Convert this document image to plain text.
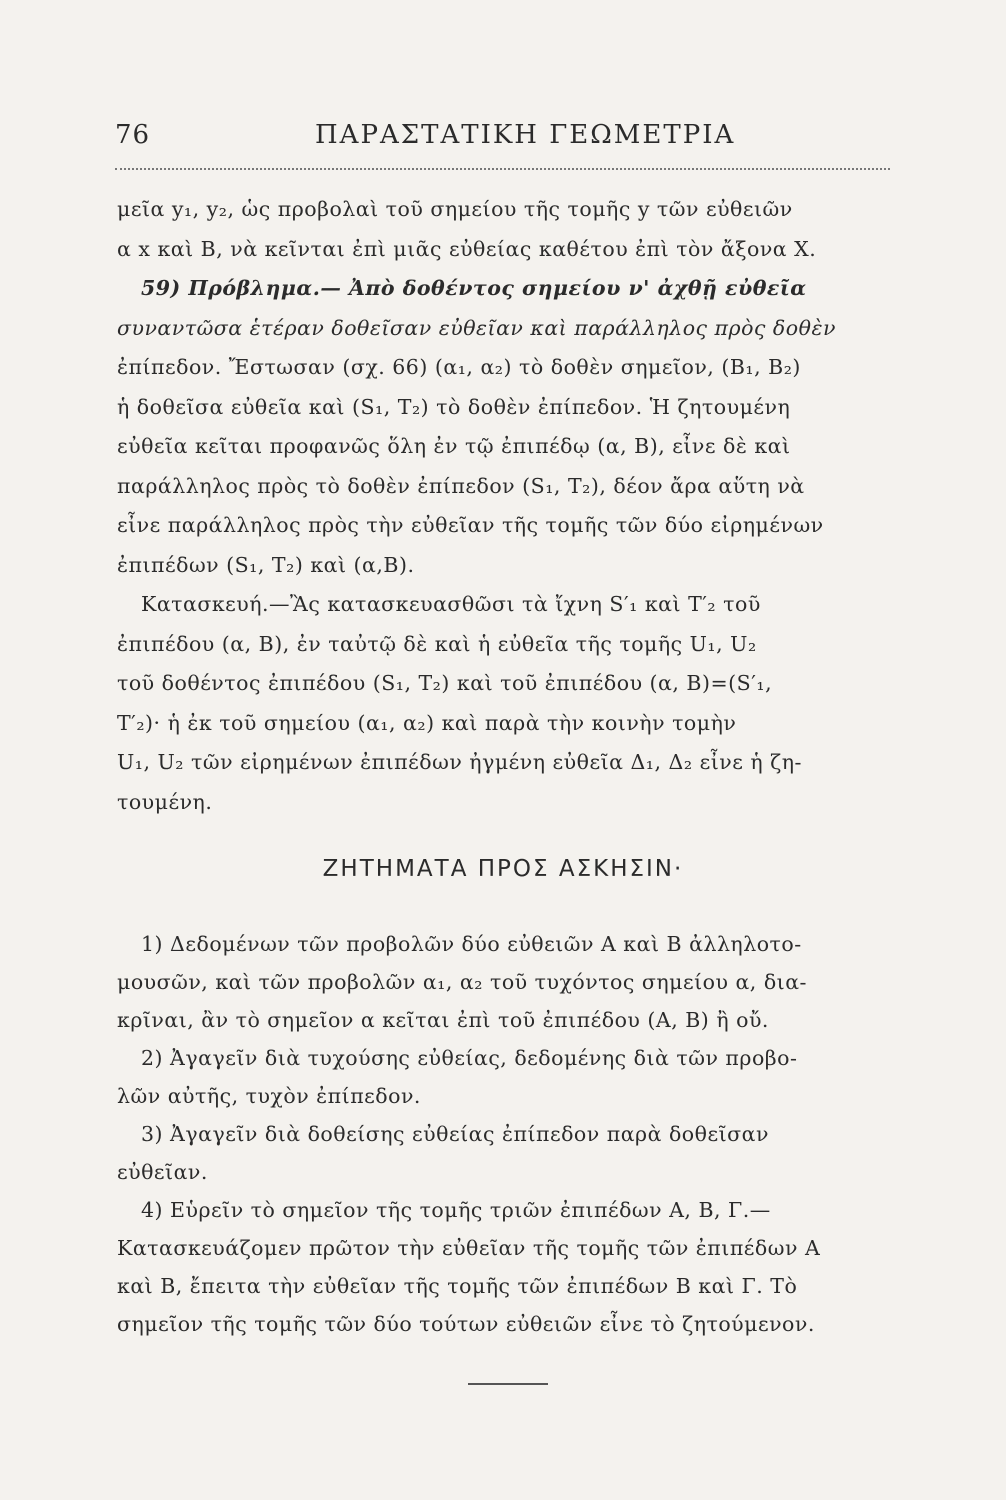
76	ΠΑΡΑΣΤΑΤΙΚΗ ΓΕΩΜΕΤΡΙΑ
μεῖα y₁, y₂, ὡς προβολαὶ τοῦ σημείου τῆς τομῆς y τῶν εὐθειῶν
α x καὶ B, νὰ κεῖνται ἐπὶ μιᾶς εὐθείας καθέτου ἐπὶ τὸν ἄξονα X.
59) Πρόβλημα.— Ἀπὸ δοθέντος σημείου ν' ἀχθῇ εὐθεῖα
συναντῶσα ἑτέραν δοθεῖσαν εὐθεῖαν καὶ παράλληλος πρὸς δοθὲν
ἐπίπεδον. Ἔστωσαν (σχ. 66) (α₁, α₂) τὸ δοθὲν σημεῖον, (B₁, B₂)
ἡ δοθεῖσα εὐθεῖα καὶ (S₁, T₂) τὸ δοθὲν ἐπίπεδον. Ἡ ζητουμένη
εὐθεῖα κεῖται προφανῶς ὅλη ἐν τῷ ἐπιπέδῳ (α, B), εἶνε δὲ καὶ
παράλληλος πρὸς τὸ δοθὲν ἐπίπεδον (S₁, T₂), δέον ἄρα αὕτη νὰ
εἶνε παράλληλος πρὸς τὴν εὐθεῖαν τῆς τομῆς τῶν δύο εἰρημένων
ἐπιπέδων (S₁, T₂) καὶ (α,B).
Κατασκευή.—Ἂς κατασκευασθῶσι τὰ ἴχνη S′₁ καὶ T′₂ τοῦ
ἐπιπέδου (α, B), ἐν ταὐτῷ δὲ καὶ ἡ εὐθεῖα τῆς τομῆς U₁, U₂
τοῦ δοθέντος ἐπιπέδου (S₁, T₂) καὶ τοῦ ἐπιπέδου (α, B)=(S′₁,
T′₂)· ἡ ἐκ τοῦ σημείου (α₁, α₂) καὶ παρὰ τὴν κοινὴν τομὴν
U₁, U₂ τῶν εἰρημένων ἐπιπέδων ἠγμένη εὐθεῖα Δ₁, Δ₂ εἶνε ἡ ζη-
τουμένη.
ΖΗΤΗΜΑΤΑ ΠΡΟΣ ΑΣΚΗΣΙΝ·
1) Δεδομένων τῶν προβολῶν δύο εὐθειῶν A καὶ B ἀλληλοτο-
μουσῶν, καὶ τῶν προβολῶν α₁, α₂ τοῦ τυχόντος σημείου α, δια-
κρῖναι, ἂν τὸ σημεῖον α κεῖται ἐπὶ τοῦ ἐπιπέδου (A, B) ἢ οὔ.
2) Ἀγαγεῖν διὰ τυχούσης εὐθείας, δεδομένης διὰ τῶν προβο-
λῶν αὐτῆς, τυχὸν ἐπίπεδον.
3) Ἀγαγεῖν διὰ δοθείσης εὐθείας ἐπίπεδον παρὰ δοθεῖσαν
εὐθεῖαν.
4) Εὑρεῖν τὸ σημεῖον τῆς τομῆς τριῶν ἐπιπέδων A, B, Γ.—
Κατασκευάζομεν πρῶτον τὴν εὐθεῖαν τῆς τομῆς τῶν ἐπιπέδων A
καὶ B, ἔπειτα τὴν εὐθεῖαν τῆς τομῆς τῶν ἐπιπέδων B καὶ Γ. Τὸ
σημεῖον τῆς τομῆς τῶν δύο τούτων εὐθειῶν εἶνε τὸ ζητούμενον.
